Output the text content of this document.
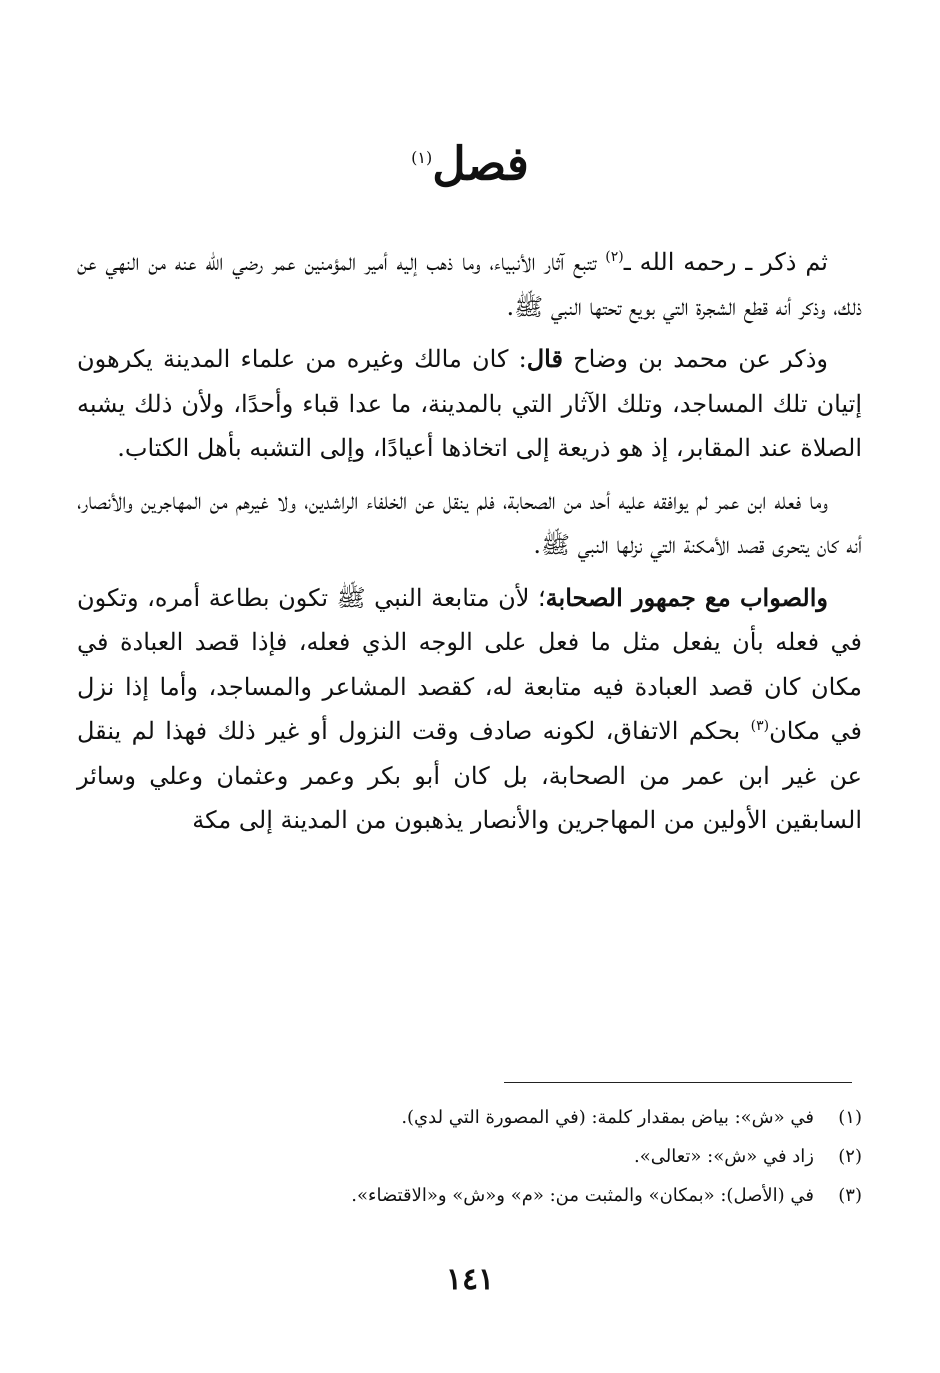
فصل$^{(١)}$

ثم ذكر ـ رحمه الله ـ$^{(٢)}$ تتبع آثار الأنبياء، وما ذهب إليه أمير المؤمنين عمر رضي الله عنه من النهي عن ذلك، وذكر أنه قطع الشجرة التي بويع تحتها النبي ﷺ.

وذكر عن محمد بن وضاح قال: كان مالك وغيره من علماء المدينة يكرهون إتيان تلك المساجد، وتلك الآثار التي بالمدينة، ما عدا قباء وأحدًا، ولأن ذلك يشبه الصلاة عند المقابر، إذ هو ذريعة إلى اتخاذها أعيادًا، وإلى التشبه بأهل الكتاب.

وما فعله ابن عمر لم يوافقه عليه أحد من الصحابة، فلم ينقل عن الخلفاء الراشدين، ولا غيرهم من المهاجرين والأنصار، أنه كان يتحرى قصد الأمكنة التي نزلها النبي ﷺ.

والصواب مع جمهور الصحابة؛ لأن متابعة النبي ﷺ تكون بطاعة أمره، وتكون في فعله بأن يفعل مثل ما فعل على الوجه الذي فعله، فإذا قصد العبادة في مكان كان قصد العبادة فيه متابعة له، كقصد المشاعر والمساجد، وأما إذا نزل في مكان$^{(٣)}$ بحكم الاتفاق، لكونه صادف وقت النزول أو غير ذلك فهذا لم ينقل عن غير ابن عمر من الصحابة، بل كان أبو بكر وعمر وعثمان وعلي وسائر السابقين الأولين من المهاجرين والأنصار يذهبون من المدينة إلى مكة

(١)
في «ش»: بياض بمقدار كلمة: (في المصورة التي لدي).
(٢)
زاد في «ش»: «تعالى».
(٣)
في (الأصل): «بمكان» والمثبت من: «م» و«ش» و«الاقتضاء».
١٤١
